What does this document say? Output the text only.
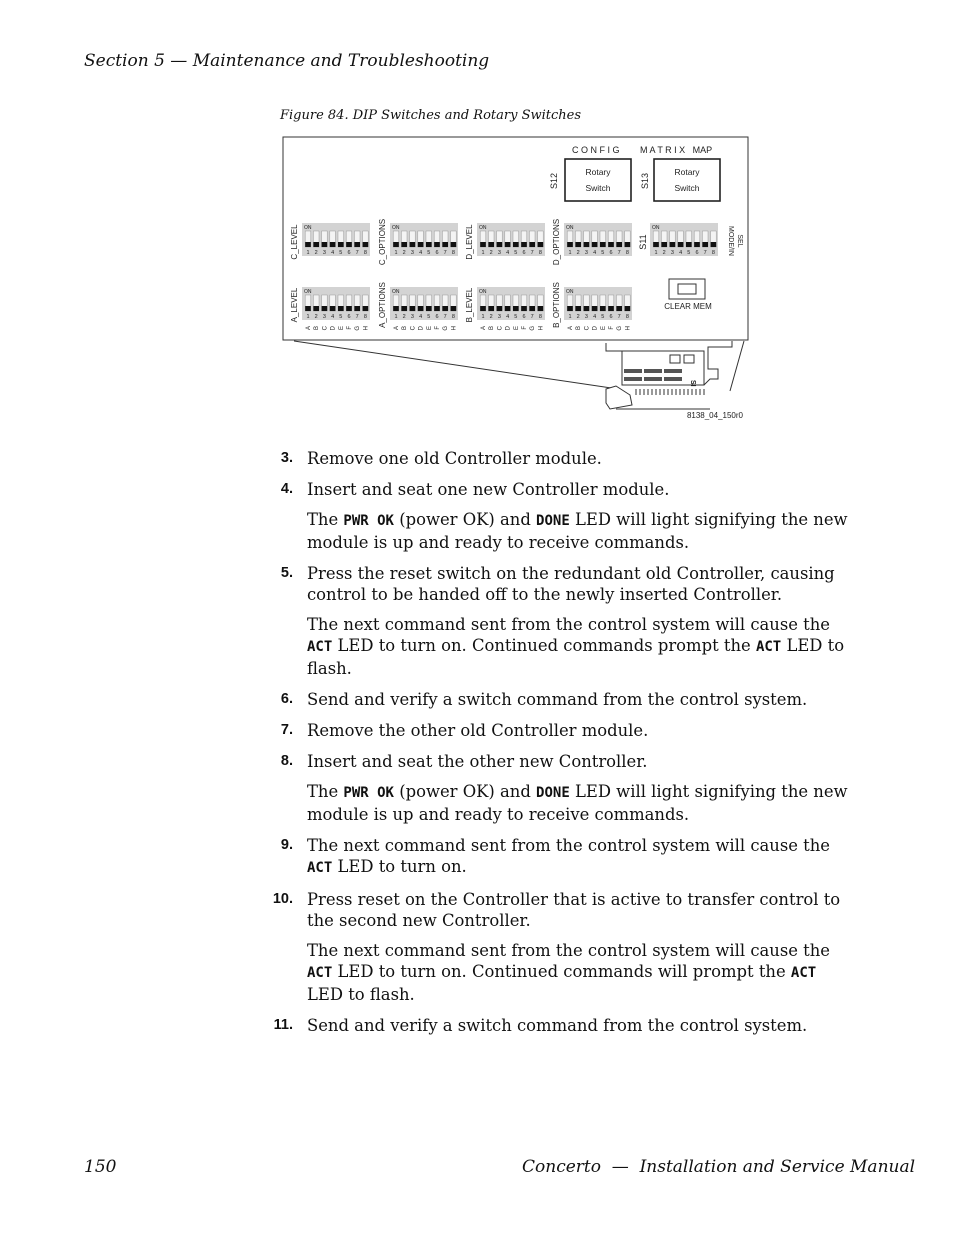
Section 5 — Maintenance and Troubleshooting
Figure 84. DIP Switches and Rotary Switches
C O N F I G M A T R I X   MAP
S12
Rotary
Switch	S13
Rotary
Switch
C_LEVEL ON
1 2 3 4 5 6 7 8
A_LEVEL ON
1
A
2
B
3
C
4
D
5
E
6
F
7
G
8
H
C_OPTIONS ON
1 2 3 4 5 6 7 8
A_OPTIONS ON
1
A
2
B
3
C
4
D
5
E
6
F
7
G
8
H
D_LEVEL ON
1 2 3 4 5 6 7 8
B_LEVEL ON
1
A
2
B
3
C
4
D
5
E
6
F
7
G
8
H
D_OPTIONS ON
1 2 3 4 5 6 7 8
B_OPTIONS ON
1
A
2
B
3
C
4
D
5
E
6
F
7
G
8
H
ON
1 2 3 4 5 6 7 8
S11	MODE/IN SEL
CLEAR MEM
SI
8138_04_150r0
3. Remove one old Controller module.

4. Insert and seat one new Controller module.

The PWR OK (power OK) and DONE LED will light signifying the new module is up and ready to receive commands.

5. Press the reset switch on the redundant old Controller, causing control to be handed off to the newly inserted Controller.

The next command sent from the control system will cause the ACT LED to turn on. Continued commands prompt the ACT LED to flash.

6. Send and verify a switch command from the control system.

7. Remove the other old Controller module.

8. Insert and seat the other new Controller.

The PWR OK (power OK) and DONE LED will light signifying the new module is up and ready to receive commands.

9. The next command sent from the control system will cause the ACT LED to turn on.

10. Press reset on the Controller that is active to transfer control to the second new Controller.

The next command sent from the control system will cause the ACT LED to turn on. Continued commands will prompt the ACT LED to flash.

11. Send and verify a switch command from the control system.

150	Concerto  —  Installation and Service Manual
